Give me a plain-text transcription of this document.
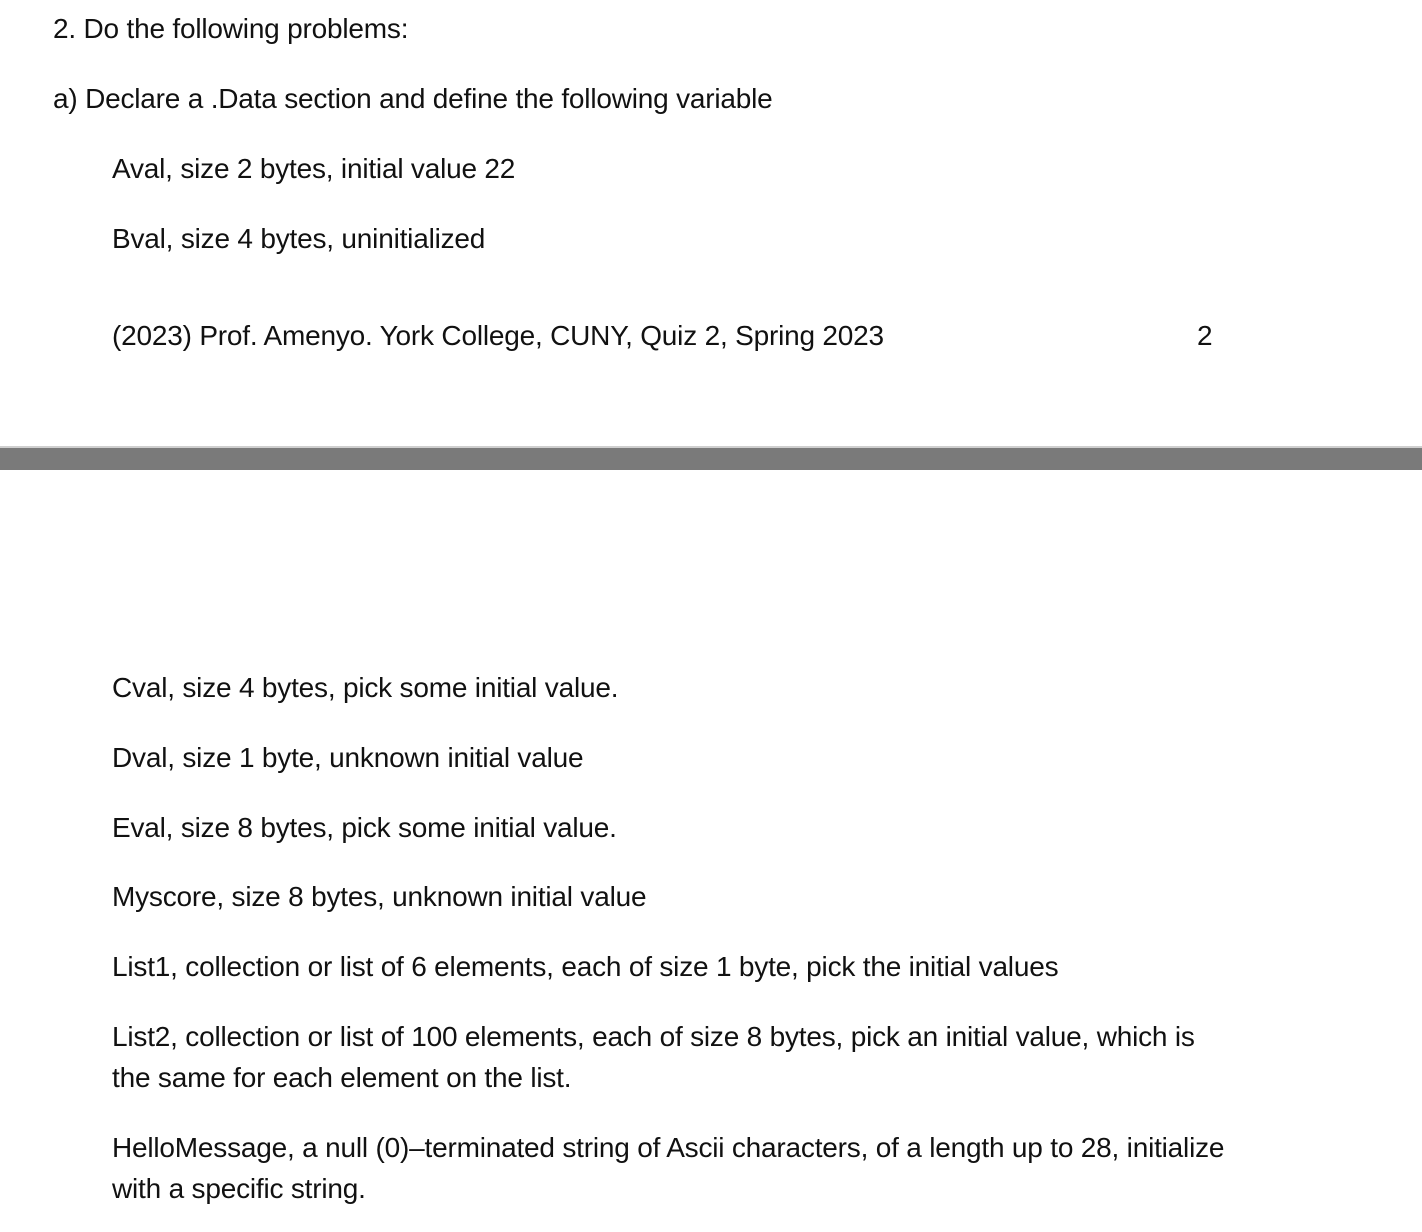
2. Do the following problems:
a) Declare a .Data section and define the following variable
Aval, size 2 bytes, initial value 22
Bval, size 4 bytes, uninitialized
(2023) Prof. Amenyo. York College, CUNY, Quiz 2, Spring 2023	2
Cval, size 4 bytes, pick some initial value.
Dval, size 1 byte, unknown initial value
Eval, size 8 bytes, pick some initial value.
Myscore, size 8 bytes, unknown initial value
List1, collection or list of 6 elements, each of size 1 byte, pick the initial values
List2, collection or list of 100 elements, each of size 8 bytes, pick an initial value, which is the same for each element on the list.
HelloMessage, a null (0)–terminated string of Ascii characters, of a length up to 28, initialize with a specific string.
